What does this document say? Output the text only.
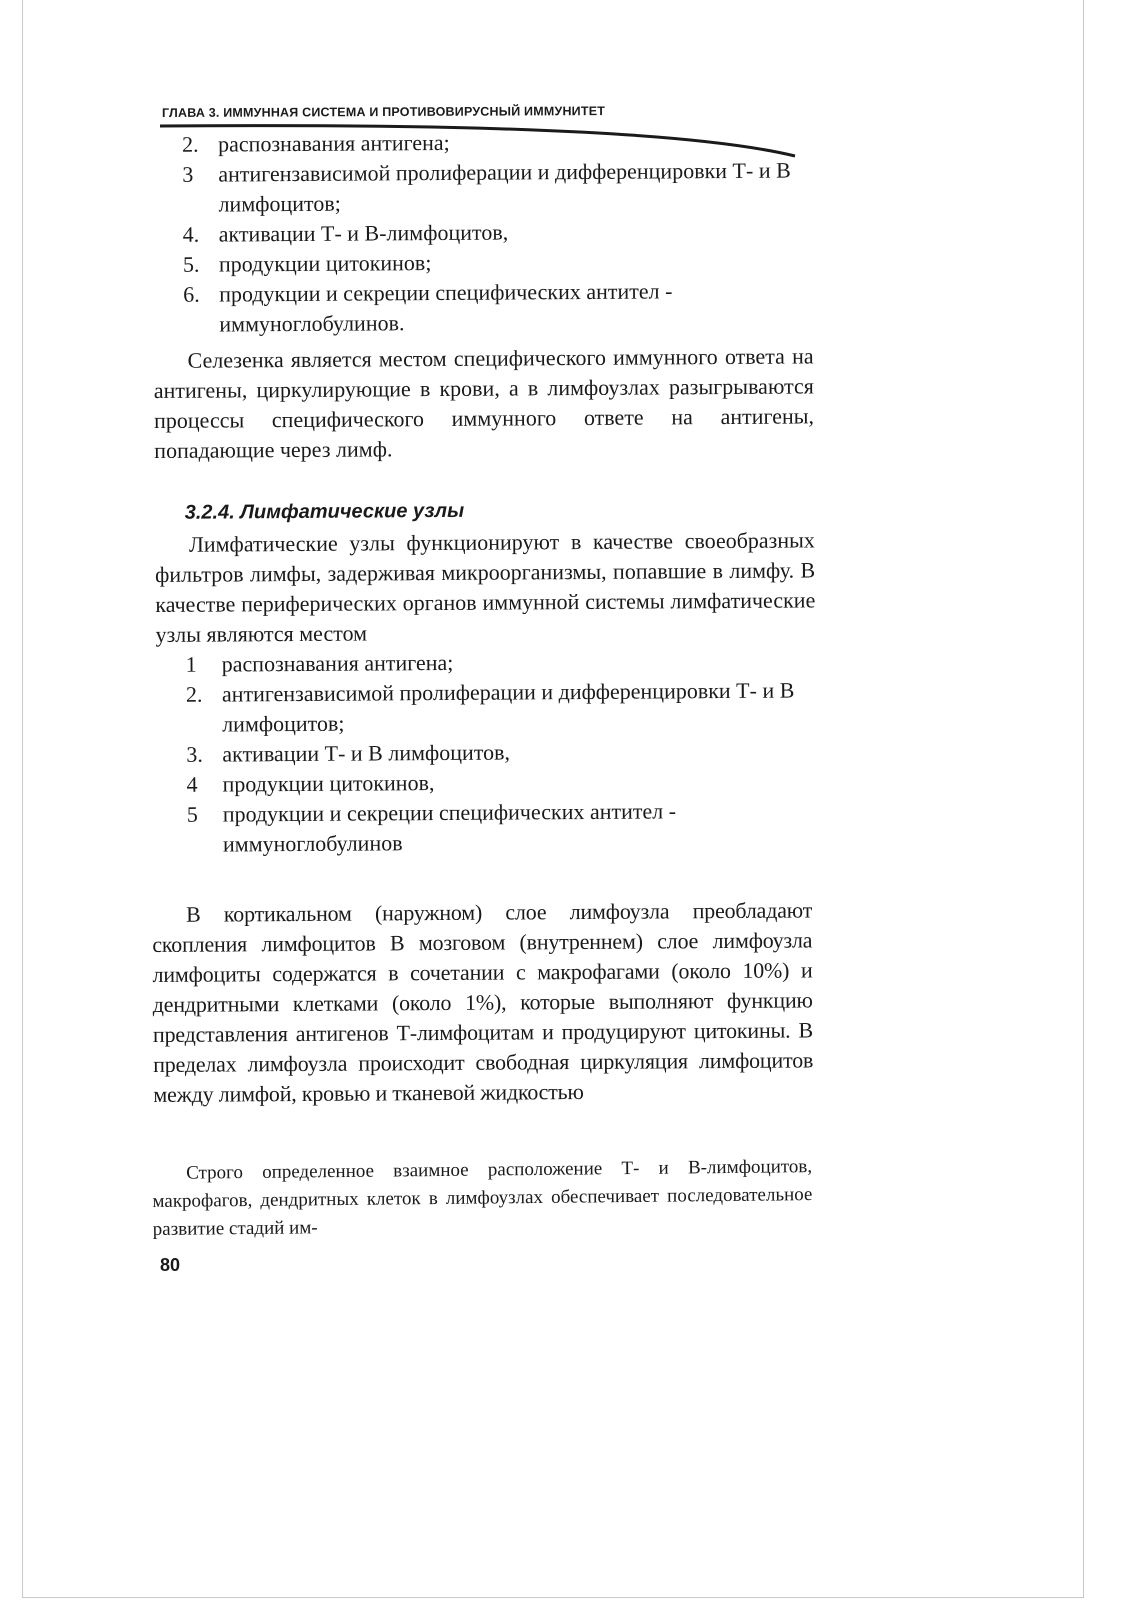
ГЛАВА 3. ИММУННАЯ СИСТЕМА И ПРОТИВОВИРУСНЫЙ ИММУНИТЕТ
2. распознавания антигена;
3	антигензависимой пролиферации и дифференцировки Т- и В лимфоцитов;
4. активации Т- и В-лимфоцитов,
5. продукции цитокинов;
6. продукции и секреции специфических антител - иммуноглобулинов.

Селезенка является местом специфического иммунного ответа на антигены, циркулирующие в крови, а в лимфоузлах разыгрываются процессы специфического иммунного ответе на антигены, попадающие через лимф.

3.2.4. Лимфатические узлы

Лимфатические узлы функционируют в качестве своеобразных фильтров лимфы, задерживая микроорганизмы, попавшие в лимфу. В качестве периферических органов иммунной системы лимфатические узлы являются местом

1	распознавания антигена;
2. антигензависимой пролиферации и дифференцировки Т- и В лимфоцитов;
3. активации Т- и В лимфоцитов,
4	продукции цитокинов,
5	продукции и секреции специфических антител - иммуноглобулинов

В кортикальном (наружном) слое лимфоузла преобладают скопления лимфоцитов В мозговом (внутреннем) слое лимфоузла лимфоциты содержатся в сочетании с макрофагами (около 10%) и дендритными клетками (около 1%), которые выполняют функцию представления антигенов Т-лимфоцитам и продуцируют цитокины. В пределах лимфоузла происходит свободная циркуляция лимфоцитов между лимфой, кровью и тканевой жидкостью

Строго определенное взаимное расположение Т- и В-лимфоцитов, макрофагов, дендритных клеток в лимфоузлах обеспечивает последовательное развитие стадий им-

80
